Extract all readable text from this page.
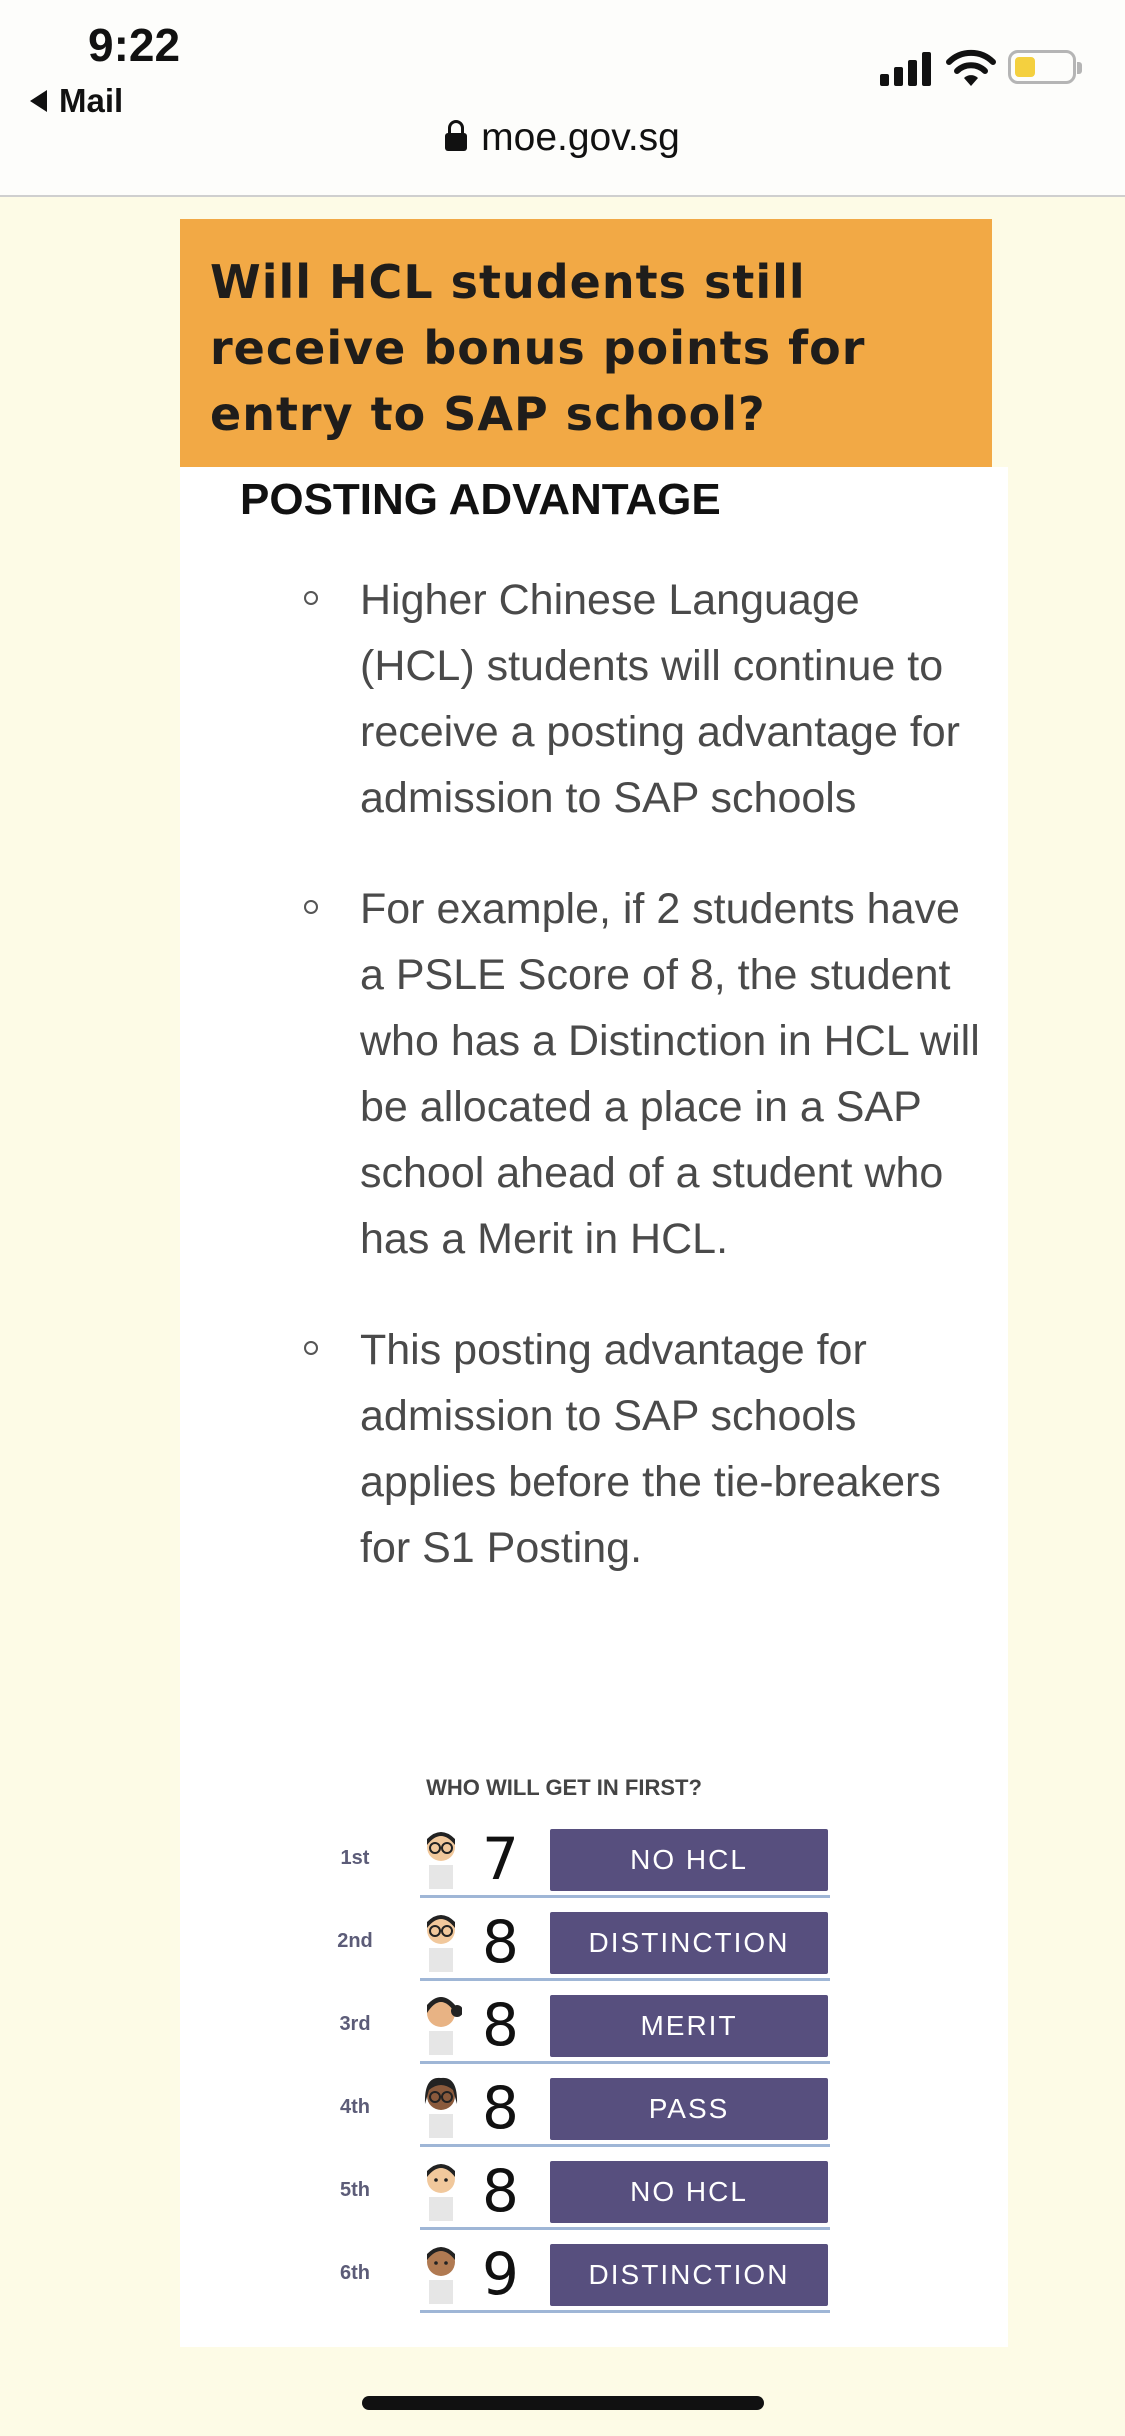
9:22
Mail
moe.gov.sg
Will HCL students still receive bonus points for entry to SAP school?
POSTING ADVANTAGE
Higher Chinese Language (HCL) students will continue to receive a posting advantage for admission to SAP schools
For example, if 2 students have a PSLE Score of 8, the student who has a Distinction in HCL will be allocated a place in a SAP school ahead of a student who has a Merit in HCL.
This posting advantage for admission to SAP schools applies before the tie-breakers for S1 Posting.
WHO WILL GET IN FIRST?
1st 7	NO HCL
2nd 8	DISTINCTION
3rd 8	MERIT
4th 8	PASS
5th 8	NO HCL
6th 9	DISTINCTION
